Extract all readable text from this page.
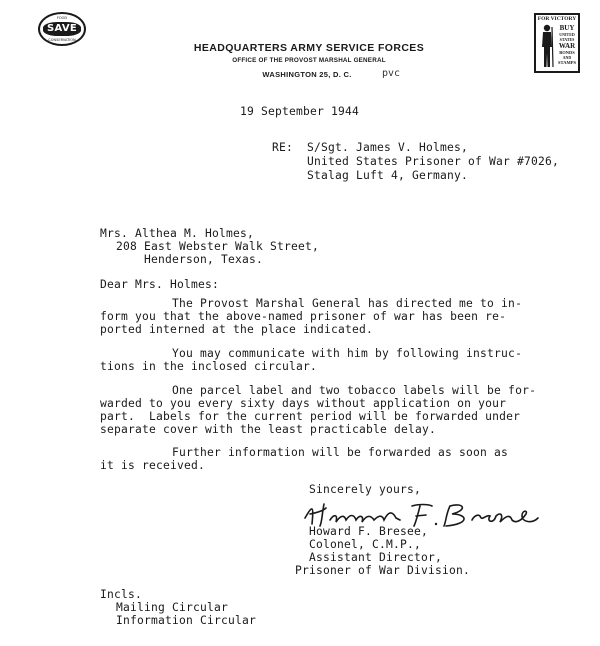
FOOD
SAVE
CONSERVATION
HEADQUARTERS ARMY SERVICE FORCES
OFFICE OF THE PROVOST MARSHAL GENERAL
WASHINGTON 25, D. C.	pvc
FOR VICTORY
BUY
UNITED
STATES
WAR
BONDS
AND
STAMPS
19 September 1944
RE: S/Sgt. James V. Holmes,
United States Prisoner of War #7026,
Stalag Luft 4, Germany.
Mrs. Althea M. Holmes,
208 East Webster Walk Street,
Henderson, Texas.
Dear Mrs. Holmes:
The Provost Marshal General has directed me to in-
form you that the above-named prisoner of war has been re-
ported interned at the place indicated.
You may communicate with him by following instruc-
tions in the inclosed circular.
One parcel label and two tobacco labels will be for-
warded to you every sixty days without application on your
part.  Labels for the current period will be forwarded under
separate cover with the least practicable delay.
Further information will be forwarded as soon as
it is received.
Sincerely yours,
Howard F. Bresee,
Colonel, C.M.P.,
Assistant Director,
Prisoner of War Division.
Incls.
Mailing Circular
Information Circular
